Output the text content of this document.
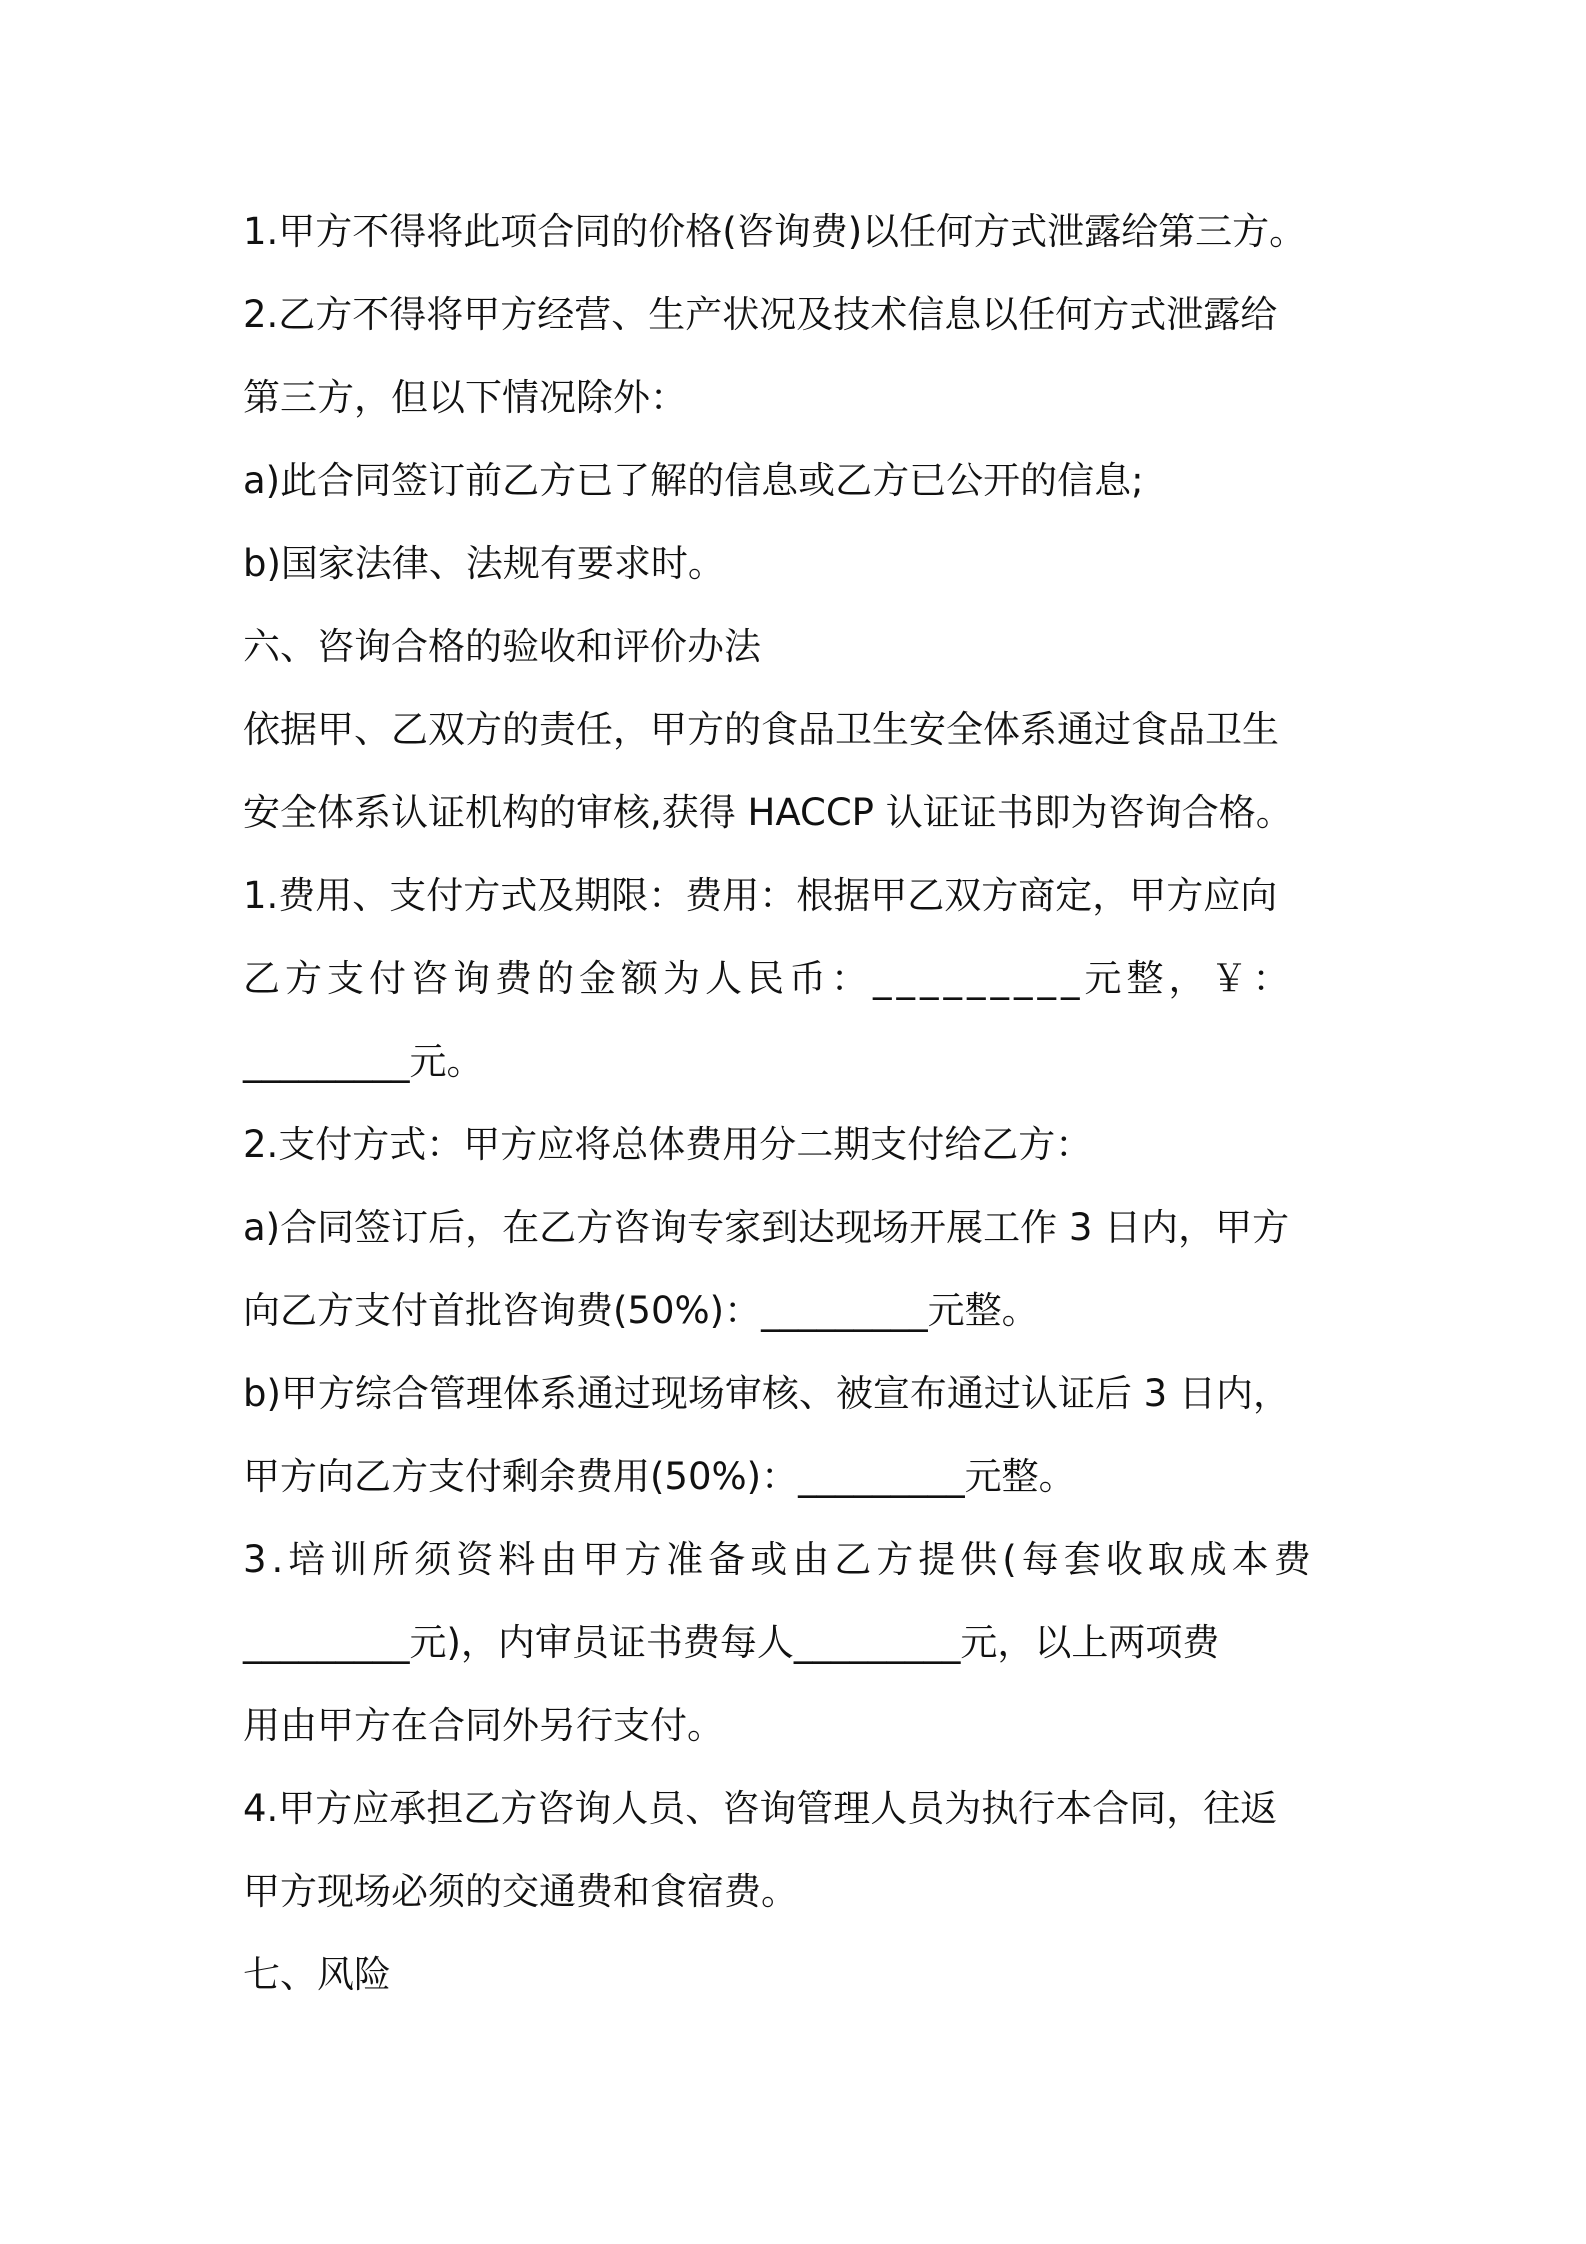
1.甲方不得将此项合同的价格(咨询费)以任何方式泄露给第三方。
2.乙方不得将甲方经营、生产状况及技术信息以任何方式泄露给
第三方，但以下情况除外：
a)此合同签订前乙方已了解的信息或乙方已公开的信息;
b)国家法律、法规有要求时。
六、咨询合格的验收和评价办法
依据甲、乙双方的责任，甲方的食品卫生安全体系通过食品卫生
安全体系认证机构的审核,获得 HACCP 认证证书即为咨询合格。
1.费用、支付方式及期限：费用：根据甲乙双方商定，甲方应向
乙方支付咨询费的金额为人民币：_________元整，￥：
_________元。
2.支付方式：甲方应将总体费用分二期支付给乙方：
a)合同签订后，在乙方咨询专家到达现场开展工作 3 日内，甲方
向乙方支付首批咨询费(50%)：_________元整。
b)甲方综合管理体系通过现场审核、被宣布通过认证后 3 日内，
甲方向乙方支付剩余费用(50%)：_________元整。
3.培训所须资料由甲方准备或由乙方提供(每套收取成本费
_________元)，内审员证书费每人_________元，以上两项费
用由甲方在合同外另行支付。
4.甲方应承担乙方咨询人员、咨询管理人员为执行本合同，往返
甲方现场必须的交通费和食宿费。
七、风险
